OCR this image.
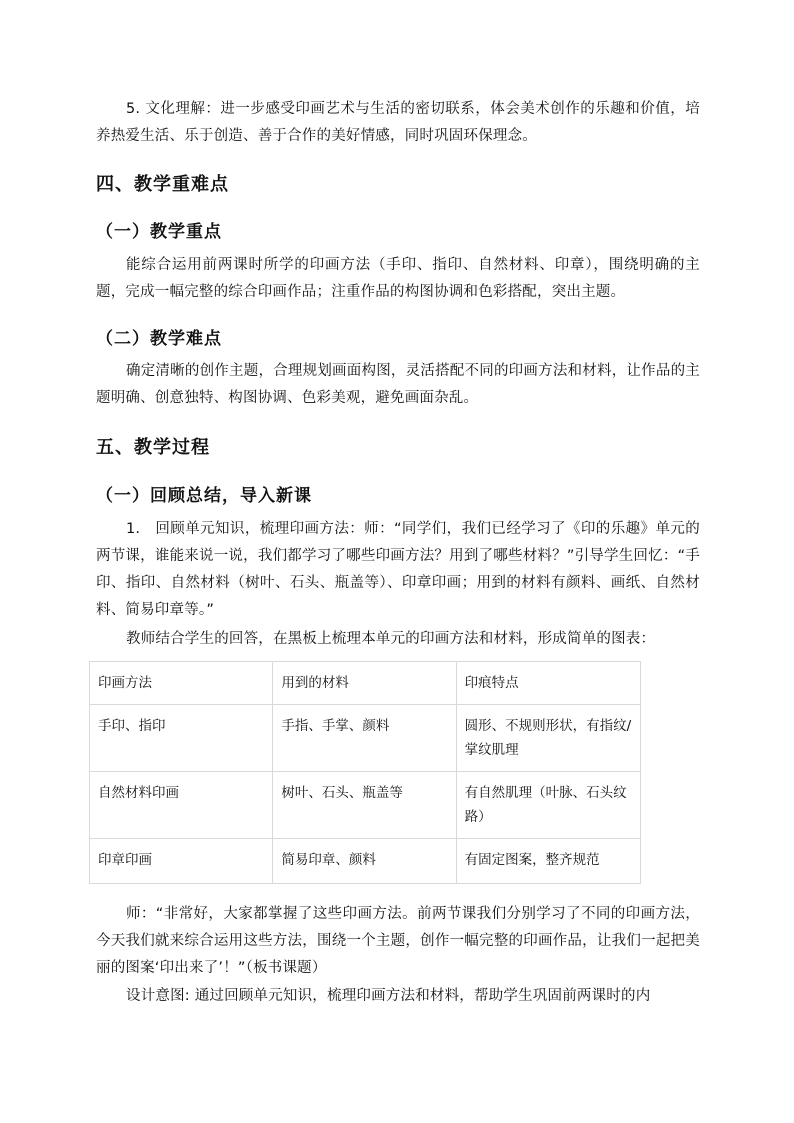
5. 文化理解：进一步感受印画艺术与生活的密切联系，体会美术创作的乐趣和价值，培养热爱生活、乐于创造、善于合作的美好情感，同时巩固环保理念。

四、教学重难点
（一）教学重点

能综合运用前两课时所学的印画方法（手印、指印、自然材料、印章），围绕明确的主题，完成一幅完整的综合印画作品；注重作品的构图协调和色彩搭配，突出主题。

（二）教学难点

确定清晰的创作主题，合理规划画面构图，灵活搭配不同的印画方法和材料，让作品的主题明确、创意独特、构图协调、色彩美观，避免画面杂乱。

五、教学过程
（一）回顾总结，导入新课

1.　回顾单元知识，梳理印画方法：师：“同学们，我们已经学习了《印的乐趣》单元的两节课，谁能来说一说，我们都学习了哪些印画方法？用到了哪些材料？”引导学生回忆：“手印、指印、自然材料（树叶、石头、瓶盖等）、印章印画；用到的材料有颜料、画纸、自然材料、简易印章等。”

教师结合学生的回答，在黑板上梳理本单元的印画方法和材料，形成简单的图表：

印画方法	用到的材料	印痕特点
手印、指印	手指、手掌、颜料	圆形、不规则形状，有指纹/掌纹肌理
自然材料印画	树叶、石头、瓶盖等	有自然肌理（叶脉、石头纹路）
印章印画	简易印章、颜料	有固定图案，整齐规范

师：“非常好，大家都掌握了这些印画方法。前两节课我们分别学习了不同的印画方法，今天我们就来综合运用这些方法，围绕一个主题，创作一幅完整的印画作品，让我们一起把美丽的图案‘印出来了’！”（板书课题）

设计意图: 通过回顾单元知识，梳理印画方法和材料，帮助学生巩固前两课时的内
